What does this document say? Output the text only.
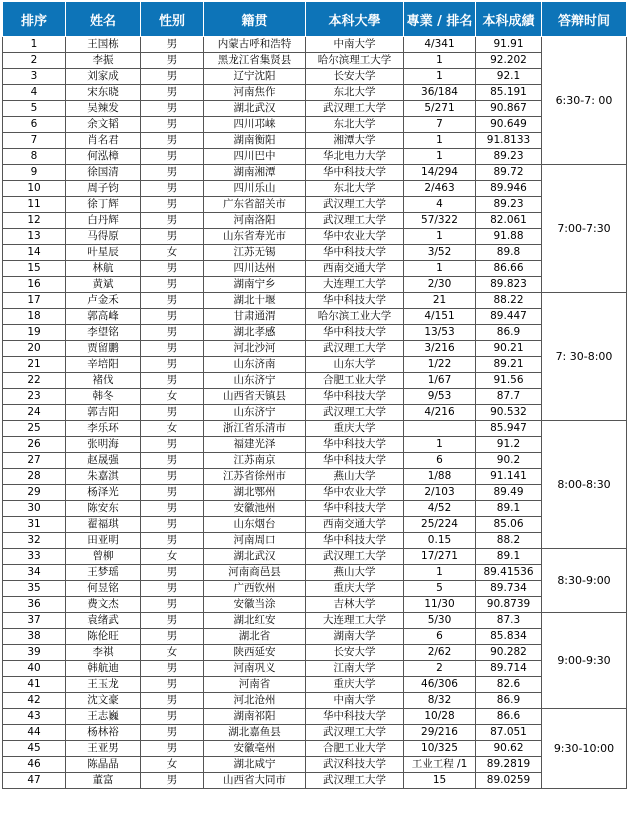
排序	姓名	性别	籍贯	本科大學	專業 / 排名	本科成績	答辩时间
1	王国栋	男	内蒙古呼和浩特	中南大学	4/341	91.91	6:30-7: 00
2	李振	男	黑龙江省集贤县	哈尔滨理工大学	1	92.202	
3	刘家成	男	辽宁沈阳	长安大学	1	92.1	
4	宋东晓	男	河南焦作	东北大学	36/184	85.191	
5	吴辣发	男	湖北武汉	武汉理工大学	5/271	90.867	
6	余文韬	男	四川邛崃	东北大学	7	90.649	
7	肖名君	男	湖南衡阳	湘潭大学	1	91.8133	
8	何泓樟	男	四川巴中	华北电力大学	1	89.23	
9	徐国清	男	湖南湘潭	华中科技大学	14/294	89.72	7:00-7:30
10	周子钧	男	四川乐山	东北大学	2/463	89.946	
11	徐丁辉	男	广东省韶关市	武汉理工大学	4	89.23	
12	白丹辉	男	河南洛阳	武汉理工大学	57/322	82.061	
13	马得原	男	山东省寿光市	华中农业大学	1	91.88	
14	叶星辰	女	江苏无锡	华中科技大学	3/52	89.8	
15	林航	男	四川达州	西南交通大学	1	86.66	
16	黄斌	男	湖南宁乡	大连理工大学	2/30	89.823	
17	卢金禾	男	湖北十堰	华中科技大学	21	88.22	7: 30-8:00
18	郭高峰	男	甘肃通渭	哈尔滨工业大学	4/151	89.447	
19	李望铭	男	湖北孝感	华中科技大学	13/53	86.9	
20	贾留鹏	男	河北沙河	武汉理工大学	3/216	90.21	
21	辛培阳	男	山东济南	山东大学	1/22	89.21	
22	褚伐	男	山东济宁	合肥工业大学	1/67	91.56	
23	韩冬	女	山西省天镇县	华中科技大学	9/53	87.7	
24	郭吉阳	男	山东济宁	武汉理工大学	4/216	90.532	
25	李乐环	女	浙江省乐清市	重庆大学		85.947	8:00-8:30
26	张明海	男	福建光泽	华中科技大学	1	91.2	
27	赵晟强	男	江苏南京	华中科技大学	6	90.2	
28	朱嘉淇	男	江苏省徐州市	燕山大学	1/88	91.141	
29	杨泽光	男	湖北鄂州	华中农业大学	2/103	89.49	
30	陈安东	男	安徽池州	华中科技大学	4/52	89.1	
31	翟福琪	男	山东烟台	西南交通大学	25/224	85.06	
32	田亚明	男	河南周口	华中科技大学	0.15	88.2	
33	曾柳	女	湖北武汉	武汉理工大学	17/271	89.1	8:30-9:00
34	王梦瑶	男	河南商邑县	燕山大学	1	89.41536	
35	何昱铭	男	广西钦州	重庆大学	5	89.734	
36	费文杰	男	安徽当涂	吉林大学	11/30	90.8739	
37	袁绪武	男	湖北红安	大连理工大学	5/30	87.3	9:00-9:30
38	陈伦旺	男	湖北省	湖南大学	6	85.834	
39	李祺	女	陕西延安	长安大学	2/62	90.282	
40	韩航迪	男	河南巩义	江南大学	2	89.714	
41	王玉龙	男	河南省	重庆大学	46/306	82.6	
42	沈文豪	男	河北沧州	中南大学	8/32	86.9	
43	王志巍	男	湖南祁阳	华中科技大学	10/28	86.6	9:30-10:00
44	杨林裕	男	湖北嘉鱼县	武汉理工大学	29/216	87.051	
45	王亚男	男	安徽亳州	合肥工业大学	10/325	90.62	
46	陈晶晶	女	湖北咸宁	武汉科技大学	工业工程 /1	89.2819	
47	董富	男	山西省大同市	武汉理工大学	15	89.0259	
